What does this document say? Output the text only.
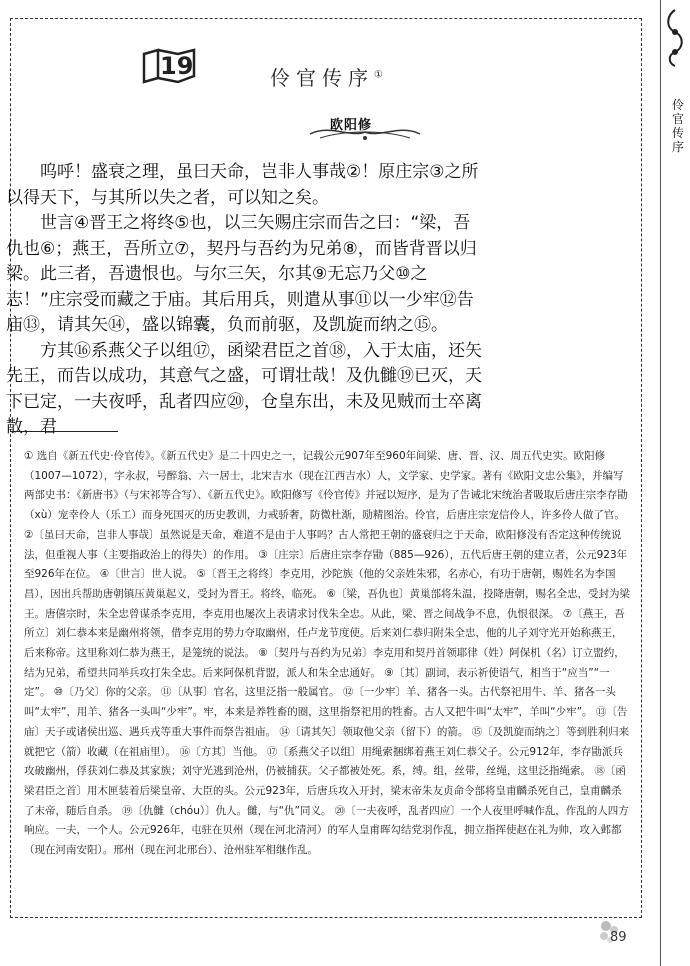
伶官传序
19	伶官传序①
欧阳修

呜呼！盛衰之理，虽曰天命，岂非人事哉②！原庄宗③之所以得天下，与其所以失之者，可以知之矣。

世言④晋王之将终⑤也，以三矢赐庄宗而告之曰：“梁，吾仇也⑥；燕王，吾所立⑦，契丹与吾约为兄弟⑧，而皆背晋以归梁。此三者，吾遗恨也。与尔三矢，尔其⑨无忘乃父⑩之志！”庄宗受而藏之于庙。其后用兵，则遣从事⑪以一少牢⑫告庙⑬，请其矢⑭，盛以锦囊，负而前驱，及凯旋而纳之⑮。

方其⑯系燕父子以组⑰，函梁君臣之首⑱，入于太庙，还矢先王，而告以成功，其意气之盛，可谓壮哉！及仇雠⑲已灭，天下已定，一夫夜呼，乱者四应⑳，仓皇东出，未及见贼而士卒离散，君

① 选自《新五代史·伶官传》。《新五代史》是二十四史之一，记载公元907年至960年间梁、唐、晋、汉、周五代史实。欧阳修（1007—1072），字永叔，号醉翁、六一居士，北宋吉水（现在江西吉水）人，文学家、史学家。著有《欧阳文忠公集》，并编写两部史书：《新唐书》（与宋祁等合写）、《新五代史》。欧阳修写《伶官传》并冠以短序，是为了告诫北宋统治者吸取后唐庄宗李存勖（xù）宠幸伶人（乐工）而身死国灭的历史教训，力戒骄奢，防微杜渐，励精图治。伶官，后唐庄宗宠信伶人，许多伶人做了官。 ②〔虽曰天命，岂非人事哉〕虽然说是天命，难道不是由于人事吗？古人常把王朝的盛衰归之于天命，欧阳修没有否定这种传统说法，但重视人事（主要指政治上的得失）的作用。 ③〔庄宗〕后唐庄宗李存勖（885—926），五代后唐王朝的建立者，公元923年至926年在位。 ④〔世言〕世人说。 ⑤〔晋王之将终〕李克用，沙陀族（他的父亲姓朱邪，名赤心，有功于唐朝，赐姓名为李国昌），因出兵帮助唐朝镇压黄巢起义，受封为晋王。将终，临死。 ⑥〔梁，吾仇也〕黄巢部将朱温，投降唐朝，赐名全忠，受封为梁王。唐僖宗时，朱全忠曾谋杀李克用，李克用也屡次上表请求讨伐朱全忠。从此，梁、晋之间战争不息，仇恨很深。 ⑦〔燕王，吾所立〕刘仁恭本来是幽州将领，借李克用的势力夺取幽州，任卢龙节度使。后来刘仁恭归附朱全忠，他的儿子刘守光开始称燕王，后来称帝。这里称刘仁恭为燕王，是笼统的说法。 ⑧〔契丹与吾约为兄弟〕李克用和契丹首领耶律（姓）阿保机（名）订立盟约，结为兄弟，希望共同举兵攻打朱全忠。后来阿保机背盟，派人和朱全忠通好。 ⑨〔其〕副词，表示祈使语气，相当于“应当”“一定”。 ⑩〔乃父〕你的父亲。 ⑪〔从事〕官名，这里泛指一般属官。 ⑫〔一少牢〕羊、猪各一头。古代祭祀用牛、羊、猪各一头叫“太牢”，用羊、猪各一头叫“少牢”。牢，本来是养牲畜的圈，这里指祭祀用的牲畜。古人又把牛叫“太牢”，羊叫“少牢”。 ⑬〔告庙〕天子或诸侯出巡、遇兵戎等重大事件而祭告祖庙。 ⑭〔请其矢〕领取他父亲（留下）的箭。 ⑮〔及凯旋而纳之〕等到胜利归来就把它（箭）收藏（在祖庙里）。 ⑯〔方其〕当他。 ⑰〔系燕父子以组〕用绳索捆绑着燕王刘仁恭父子。公元912年，李存勖派兵攻破幽州，俘获刘仁恭及其家族；刘守光逃到沧州，仍被捕获。父子都被处死。系，缚。组，丝带，丝绳，这里泛指绳索。 ⑱〔函梁君臣之首〕用木匣装着后梁皇帝、大臣的头。公元923年，后唐兵攻入开封，梁末帝朱友贞命令部将皇甫麟杀死自己，皇甫麟杀了末帝，随后自杀。 ⑲〔仇雠（chóu）〕仇人。雠，与“仇”同义。 ⑳〔一夫夜呼，乱者四应〕一个人夜里呼喊作乱，作乱的人四方响应。一夫，一个人。公元926年，屯驻在贝州（现在河北清河）的军人皇甫晖勾结党羽作乱，拥立指挥使赵在礼为帅，攻入邺都（现在河南安阳）。邢州（现在河北邢台）、沧州驻军相继作乱。

89
